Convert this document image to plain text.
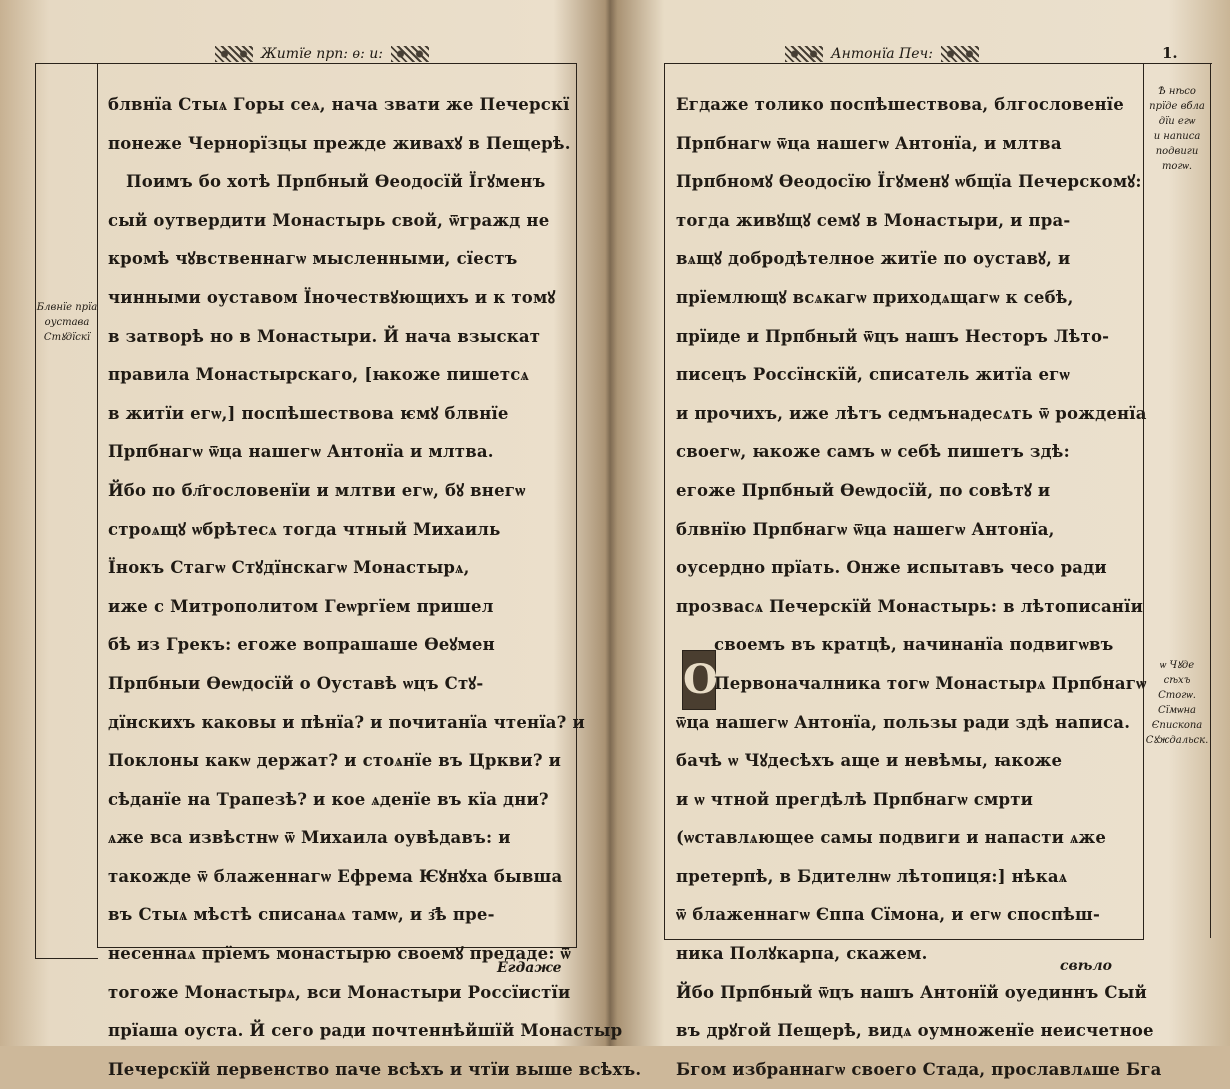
Житїе прп: ѳ: и:
Блвнїе прїа
оустава
Стꙋдїскї
блвнїа Стыѧ Горы сеѧ, нача звати же Печерскї
понеже Чернорїзцы прежде живахꙋ в Пещерѣ.
Поимъ бо хотѣ Прпбный Ѳеодосїй Їгꙋменъ
сый оутвердити Монастырь свой, ѿгражд не
кромѣ чꙋвственнагѡ мысленными, сїестъ
чинными оуставом Їночествꙋющихъ и к томꙋ
в затворѣ но в Монастыри. Й нача взыскат
правила Монастырскаго, [ꙗкоже пишетсѧ
в житїи егѡ,] поспѣшествова ѥмꙋ блвнїе
Прпбнагѡ ѿца нашегѡ Антонїа и млтва.
Йбо по бл҃гословенїи и млтви егѡ, бꙋ внегѡ
строѧщꙋ ѡбрѣтесѧ тогда чтный Михаиль
Їнокъ Стагѡ Стꙋдїнскагѡ Монастырѧ,
иже с Митрополитом Геѡргїем пришел
бѣ из Грекъ: егоже вопрашаше Ѳеꙋмен
Прпбныи Ѳеѡдосїй о Оуставѣ ѡцъ Стꙋ-
дїнскихъ каковы и пѣнїа? и почитанїа чтенїа? и
Поклоны какѡ держат? и стоѧнїе въ Цркви? и
сѣданїе на Трапезѣ? и кое ѧденїе въ кїа дни?
ѧже вса извѣстнѡ ѿ Михаила оувѣдавъ: и
такожде ѿ блаженнагѡ Ефрема Ѥꙋнꙋха бывша
въ Стыѧ мѣстѣ списанаѧ тамѡ, и з҃ѣ пре-
несеннаѧ прїемъ монастырю своемꙋ предаде: ѿ
тогоже Монастырѧ, вси Монастыри Россїистїи
прїаша оуста. Й сего ради почтеннѣйшїй Монастыр
Печерскїй первенство паче всѣхъ и чтїи выше всѣхъ.
Егдаже
Антонїа Печ:	1.
Ѣ нѣсо
прїде вбла
дїи егѡ
и написа
подвиги
тогѡ.
ѡ Чꙋде
сѣхъ
Стогѡ.
Сїмѡна
Єпископа
Сꙋждальск.
О
Егдаже толико поспѣшествова, блгословенїе
Прпбнагѡ ѿца нашегѡ Антонїа, и млтва
Прпбномꙋ Ѳеодосїю Їгꙋменꙋ ѡбщїа Печерскомꙋ:
тогда живꙋщꙋ семꙋ в Монастыри, и пра-
вѧщꙋ добродѣтелное житїе по оуставꙋ, и
прїемлющꙋ всѧкагѡ приходѧщагѡ к себѣ,
прїиде и Прпбный ѿцъ нашъ Несторъ Лѣто-
писецъ Россїнскїй, списатель житїа егѡ
и прочихъ, иже лѣтъ седмънадесѧть ѿ рожденїа
своегѡ, ꙗкоже самъ ѡ себѣ пишетъ здѣ:
егоже Прпбный Ѳеѡдосїй, по совѣтꙋ и
блвнїю Прпбнагѡ ѿца нашегѡ Антонїа,
оусердно прїать. Онже испытавъ чесо ради
прозвасѧ Печерскїй Монастырь: в лѣтописанїи
своемъ въ кратцѣ, начинанїа подвигѡвъ
Первоначалника тогѡ Монастырѧ Прпбнагѡ
ѿца нашегѡ Антонїа, пользы ради здѣ написа.
бачѣ ѡ Чꙋдесѣхъ аще и невѣмы, ꙗкоже
и ѡ чтной прегдѣлѣ Прпбнагѡ смрти
(ѡставлѧющее самы подвиги и напасти ѧже
претерпѣ, в Бдителнѡ лѣтопиця:] нѣкаѧ
ѿ блаженнагѡ Єппа Сїмона, и егѡ споспѣш-
ника Полꙋкарпа, скажем.
Йбо Прпбный ѿцъ нашъ Антонїй оуединнъ Сый
въ дрꙋгой Пещерѣ, видѧ оумноженїе неисчетное
Бгом избраннагѡ своего Стада, прославлѧше Бга
свѣло
